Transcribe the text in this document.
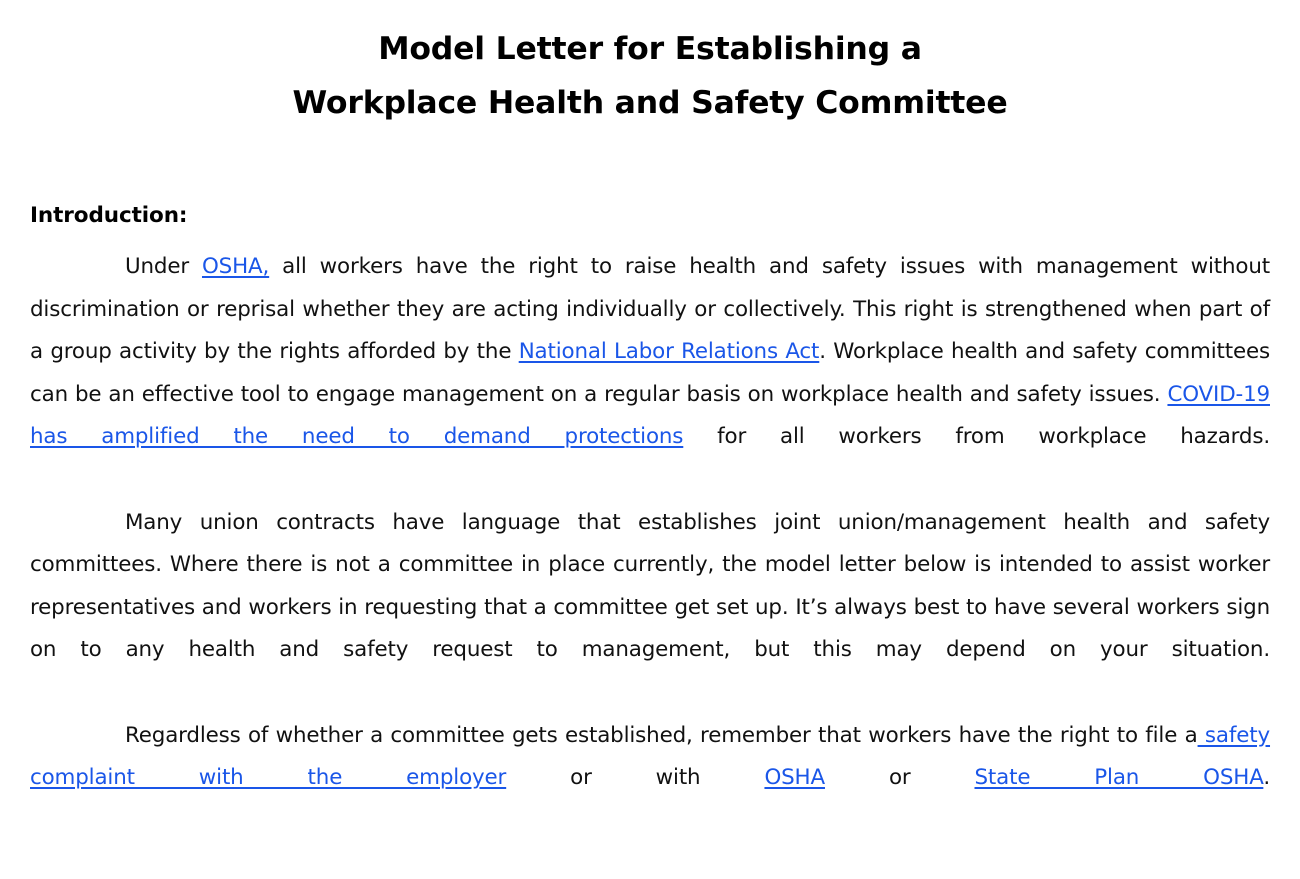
Model Letter for Establishing a
Workplace Health and Safety Committee
Introduction:

Under OSHA, all workers have the right to raise health and safety issues with management without discrimination or reprisal whether they are acting individually or collectively. This right is strengthened when part of a group activity by the rights afforded by the National Labor Relations Act. Workplace health and safety committees can be an effective tool to engage management on a regular basis on workplace health and safety issues. COVID-19 has amplified the need to demand protections for all workers from workplace hazards.

Many union contracts have language that establishes joint union/management health and safety committees. Where there is not a committee in place currently, the model letter below is intended to assist worker representatives and workers in requesting that a committee get set up. It’s always best to have several workers sign on to any health and safety request to management, but this may depend on your situation.

Regardless of whether a committee gets established, remember that workers have the right to file a safety complaint with the employer or with OSHA or State Plan OSHA.
